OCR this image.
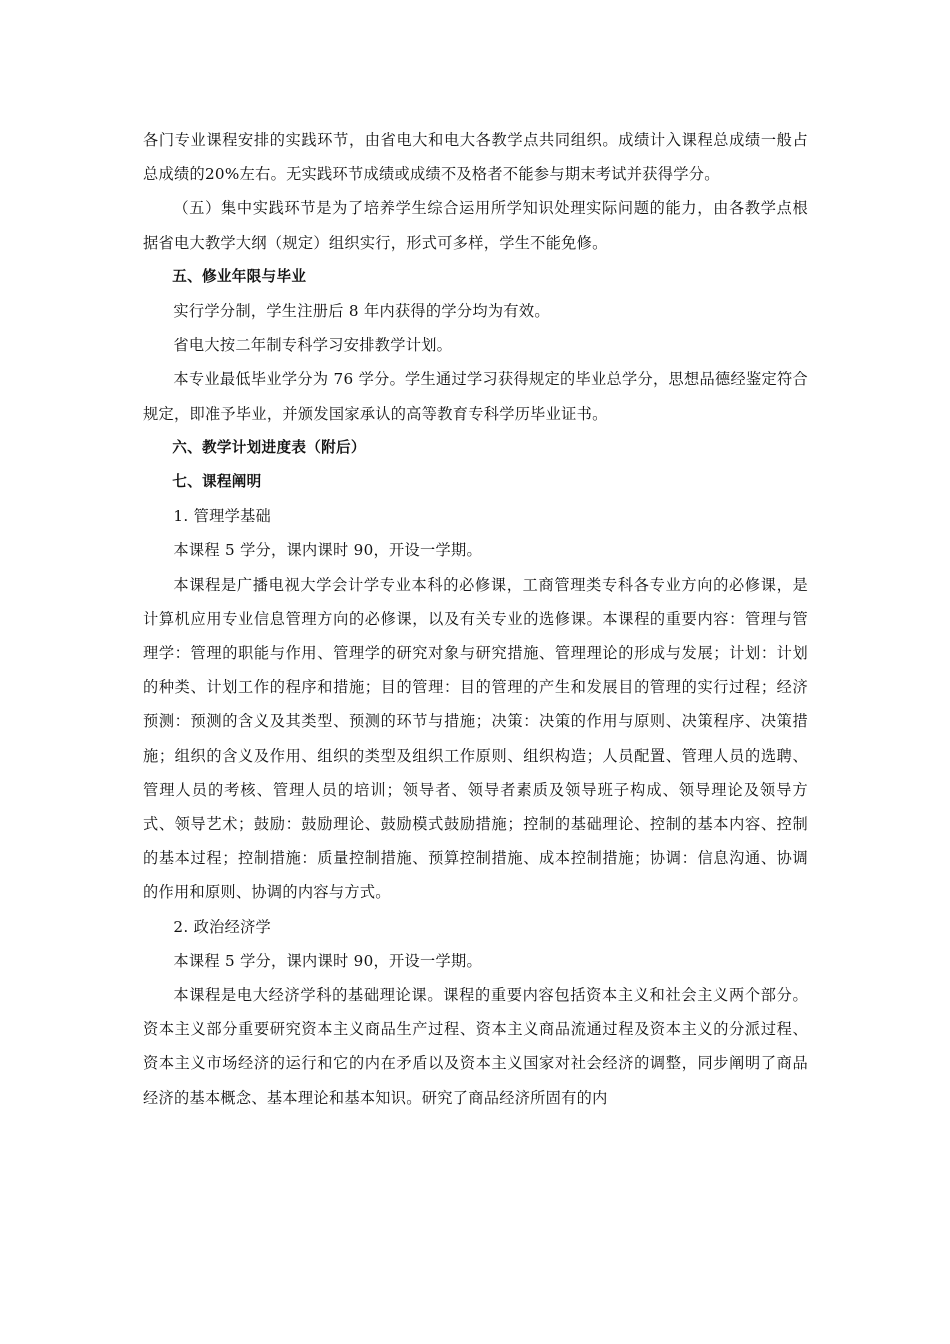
各门专业课程安排的实践环节，由省电大和电大各教学点共同组织。成绩计入课程总成绩一般占总成绩的20%左右。无实践环节成绩或成绩不及格者不能参与期末考试并获得学分。

（五）集中实践环节是为了培养学生综合运用所学知识处理实际问题的能力，由各教学点根据省电大教学大纲（规定）组织实行，形式可多样，学生不能免修。

五、修业年限与毕业

实行学分制，学生注册后 8 年内获得的学分均为有效。

省电大按二年制专科学习安排教学计划。

本专业最低毕业学分为 76 学分。学生通过学习获得规定的毕业总学分，思想品德经鉴定符合规定，即准予毕业，并颁发国家承认的高等教育专科学历毕业证书。

六、教学计划进度表（附后）

七、课程阐明

1. 管理学基础

本课程 5 学分，课内课时 90，开设一学期。

本课程是广播电视大学会计学专业本科的必修课，工商管理类专科各专业方向的必修课，是计算机应用专业信息管理方向的必修课，以及有关专业的选修课。本课程的重要内容：管理与管理学：管理的职能与作用、管理学的研究对象与研究措施、管理理论的形成与发展；计划：计划的种类、计划工作的程序和措施；目的管理：目的管理的产生和发展目的管理的实行过程；经济预测：预测的含义及其类型、预测的环节与措施；决策：决策的作用与原则、决策程序、决策措施；组织的含义及作用、组织的类型及组织工作原则、组织构造；人员配置、管理人员的选聘、管理人员的考核、管理人员的培训；领导者、领导者素质及领导班子构成、领导理论及领导方式、领导艺术；鼓励：鼓励理论、鼓励模式鼓励措施；控制的基础理论、控制的基本内容、控制的基本过程；控制措施：质量控制措施、预算控制措施、成本控制措施；协调：信息沟通、协调的作用和原则、协调的内容与方式。

2. 政治经济学

本课程 5 学分，课内课时 90，开设一学期。

本课程是电大经济学科的基础理论课。课程的重要内容包括资本主义和社会主义两个部分。资本主义部分重要研究资本主义商品生产过程、资本主义商品流通过程及资本主义的分派过程、资本主义市场经济的运行和它的内在矛盾以及资本主义国家对社会经济的调整，同步阐明了商品经济的基本概念、基本理论和基本知识。研究了商品经济所固有的内
